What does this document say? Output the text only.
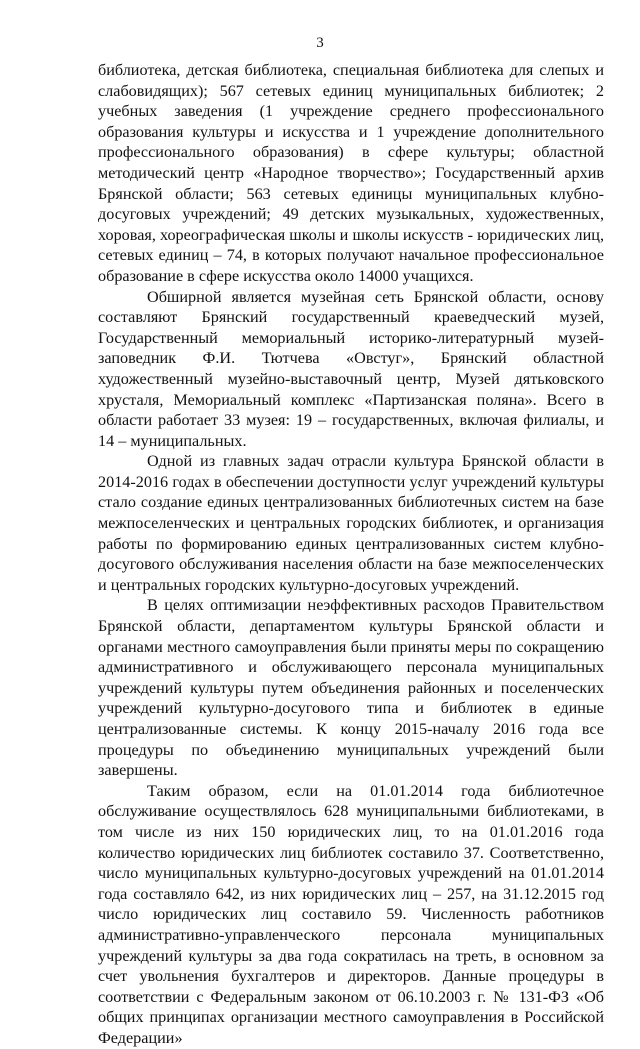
3

библиотека, детская библиотека, специальная библиотека для слепых и слабовидящих); 567 сетевых единиц муниципальных библиотек; 2 учебных заведения (1 учреждение среднего профессионального образования культуры и искусства и 1 учреждение дополнительного профессионального образования) в сфере культуры; областной методический центр «Народное творчество»; Государственный архив Брянской области; 563 сетевых единицы муниципальных клубно-досуговых учреждений; 49 детских музыкальных, художественных, хоровая, хореографическая школы и школы искусств - юридических лиц, сетевых единиц – 74, в которых получают начальное профессиональное образование в сфере искусства около 14000 учащихся.

Обширной является музейная сеть Брянской области, основу составляют Брянский государственный краеведческий музей, Государственный мемориальный историко-литературный музей-заповедник Ф.И. Тютчева «Овстуг», Брянский областной художественный музейно-выставочный центр, Музей дятьковского хрусталя, Мемориальный комплекс «Партизанская поляна». Всего в области работает 33 музея: 19 – государственных, включая филиалы, и 14 – муниципальных.

Одной из главных задач отрасли культура Брянской области в 2014-2016 годах в обеспечении доступности услуг учреждений культуры стало создание единых централизованных библиотечных систем на базе межпоселенческих и центральных городских библиотек, и организация работы по формированию единых централизованных систем клубно-досугового обслуживания населения области на базе межпоселенческих и центральных городских культурно-досуговых учреждений.

В целях оптимизации неэффективных расходов Правительством Брянской области, департаментом культуры Брянской области и органами местного самоуправления были приняты меры по сокращению административного и обслуживающего персонала муниципальных учреждений культуры путем объединения районных и поселенческих учреждений культурно-досугового типа и библиотек в единые централизованные системы. К концу 2015-началу 2016 года все процедуры по объединению муниципальных учреждений были завершены.

Таким образом, если на 01.01.2014 года библиотечное обслуживание осуществлялось 628 муниципальными библиотеками, в том числе из них 150 юридических лиц, то на 01.01.2016 года количество юридических лиц библиотек составило 37. Соответственно, число муниципальных культурно-досуговых учреждений на 01.01.2014 года составляло 642, из них юридических лиц – 257, на 31.12.2015 год число юридических лиц составило 59. Численность работников административно-управленческого персонала муниципальных учреждений культуры за два года сократилась на треть, в основном за счет увольнения бухгалтеров и директоров. Данные процедуры в соответствии с Федеральным законом от 06.10.2003 г. № 131-ФЗ «Об общих принципах организации местного самоуправления в Российской Федерации»
